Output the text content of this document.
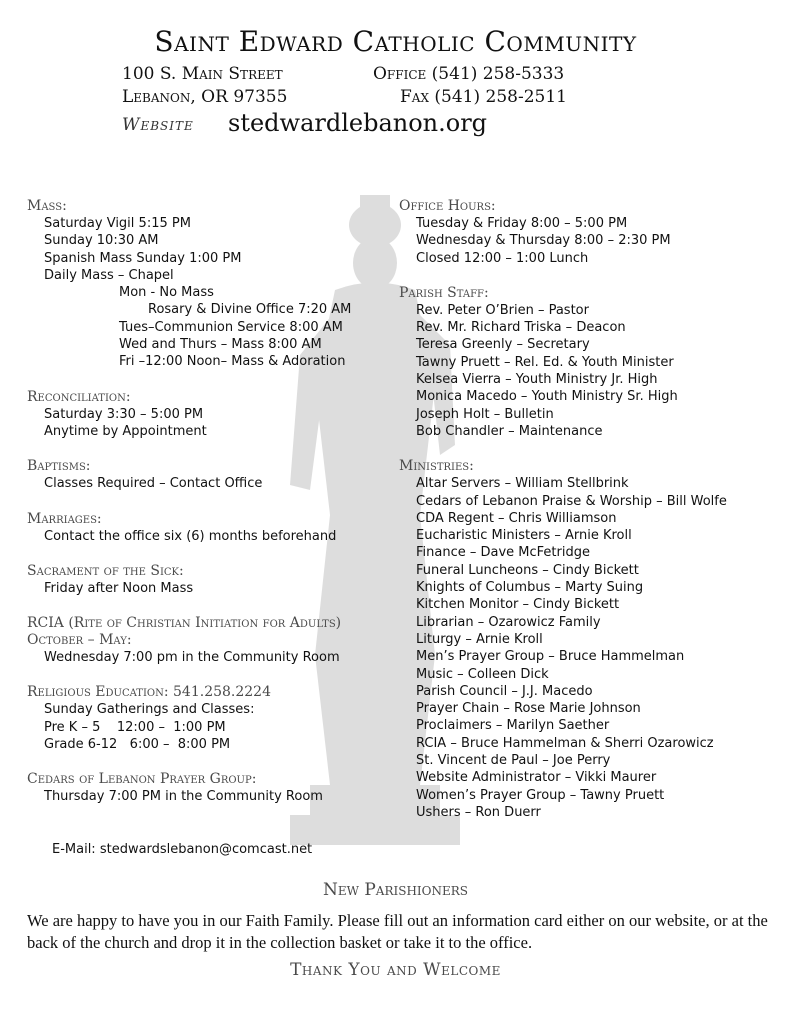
Saint Edward Catholic Community
100 S. Main Street
Lebanon, OR 97355
Office (541) 258-5333
Fax (541) 258-2511
Website stedwardlebanon.org
Mass:
Saturday Vigil 5:15 PM
Sunday 10:30 AM
Spanish Mass Sunday 1:00 PM
Daily Mass – Chapel
Mon - No Mass
Rosary & Divine Office 7:20 AM
Tues–Communion Service 8:00 AM
Wed and Thurs – Mass 8:00 AM
Fri –12:00 Noon– Mass & Adoration
Reconciliation:
Saturday 3:30 – 5:00 PM
Anytime by Appointment
Baptisms:
Classes Required – Contact Office
Marriages:
Contact the office six (6) months beforehand
Sacrament of the Sick:
Friday after Noon Mass
RCIA (Rite of Christian Initiation for Adults) October – May:
Wednesday 7:00 pm in the Community Room
Religious Education: 541.258.2224
Sunday Gatherings and Classes:
Pre K – 5    12:00 –  1:00 PM
Grade 6-12   6:00 –  8:00 PM
Cedars of Lebanon Prayer Group:
Thursday 7:00 PM in the Community Room
E-Mail: stedwardslebanon@comcast.net
Office Hours:
Tuesday & Friday 8:00 – 5:00 PM
Wednesday & Thursday 8:00 – 2:30 PM
Closed 12:00 – 1:00 Lunch
Parish Staff:
Rev. Peter O’Brien – Pastor
Rev. Mr. Richard Triska – Deacon
Teresa Greenly – Secretary
Tawny Pruett – Rel. Ed. & Youth Minister
Kelsea Vierra – Youth Ministry Jr. High
Monica Macedo – Youth Ministry Sr. High
Joseph Holt – Bulletin
Bob Chandler – Maintenance
Ministries:
Altar Servers – William Stellbrink
Cedars of Lebanon Praise & Worship – Bill Wolfe
CDA Regent – Chris Williamson
Eucharistic Ministers – Arnie Kroll
Finance – Dave McFetridge
Funeral Luncheons – Cindy Bickett
Knights of Columbus – Marty Suing
Kitchen Monitor – Cindy Bickett
Librarian – Ozarowicz Family
Liturgy – Arnie Kroll
Men’s Prayer Group – Bruce Hammelman
Music – Colleen Dick
Parish Council – J.J. Macedo
Prayer Chain – Rose Marie Johnson
Proclaimers – Marilyn Saether
RCIA – Bruce Hammelman & Sherri Ozarowicz
St. Vincent de Paul – Joe Perry
Website Administrator – Vikki Maurer
Women’s Prayer Group – Tawny Pruett
Ushers – Ron Duerr
New Parishioners
We are happy to have you in our Faith Family. Please fill out an information card either on our website, or at the back of the church and drop it in the collection basket or take it to the office.
Thank You and Welcome
